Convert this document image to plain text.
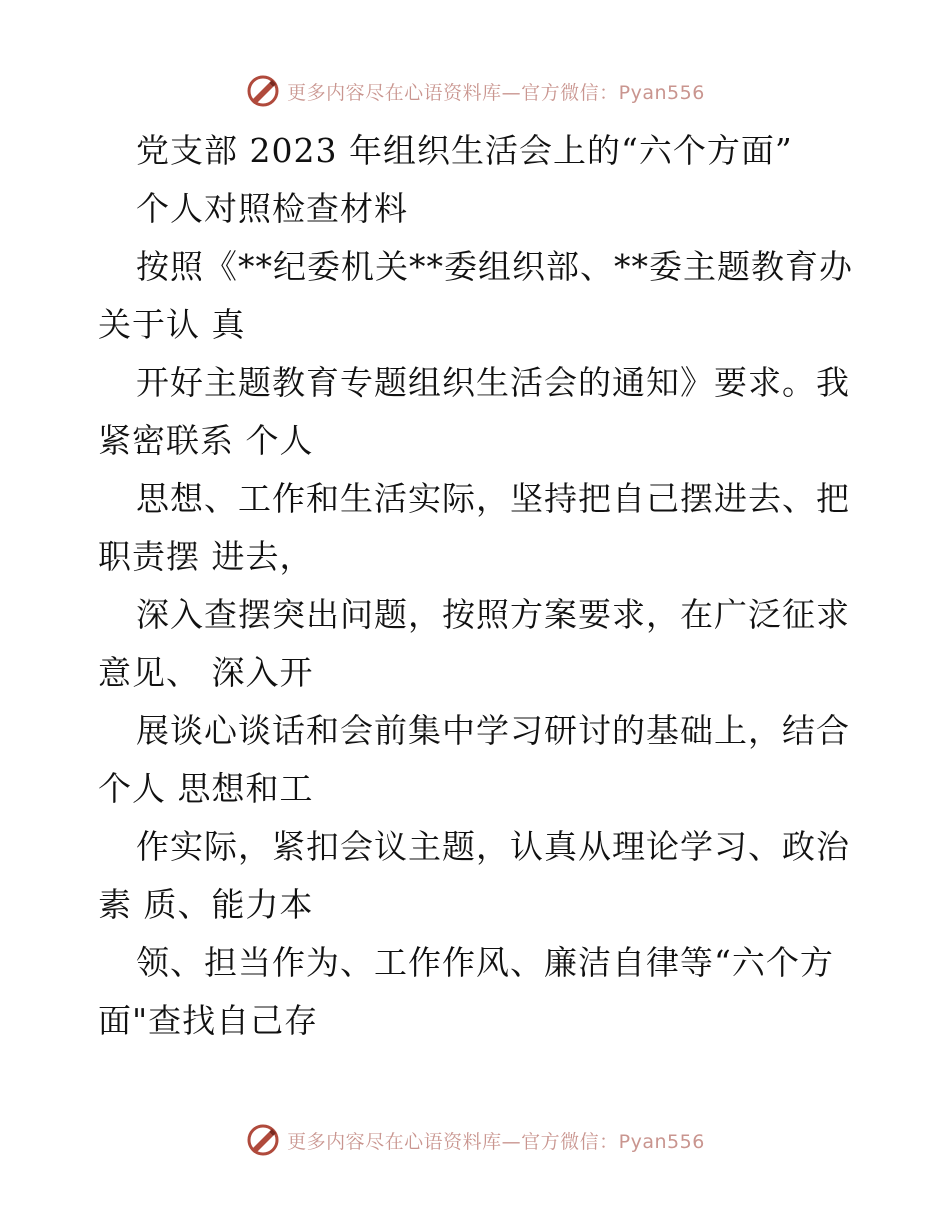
更多内容尽在心语资料库—官方微信：Pyan556
党支部 2023 年组织生活会上的“六个方面”
个人对照检查材料
按照《**纪委机关**委组织部、**委主题教育办
关于认 真
开好主题教育专题组织生活会的通知》要求。我
紧密联系 个人
思想、工作和生活实际，坚持把自己摆进去、把
职责摆 进去，
深入查摆突出问题，按照方案要求，在广泛征求
意见、 深入开
展谈心谈话和会前集中学习研讨的基础上，结合
个人 思想和工
作实际，紧扣会议主题，认真从理论学习、政治
素 质、能力本
领、担当作为、工作作风、廉洁自律等“六个方
面"查找自己存
更多内容尽在心语资料库—官方微信：Pyan556
